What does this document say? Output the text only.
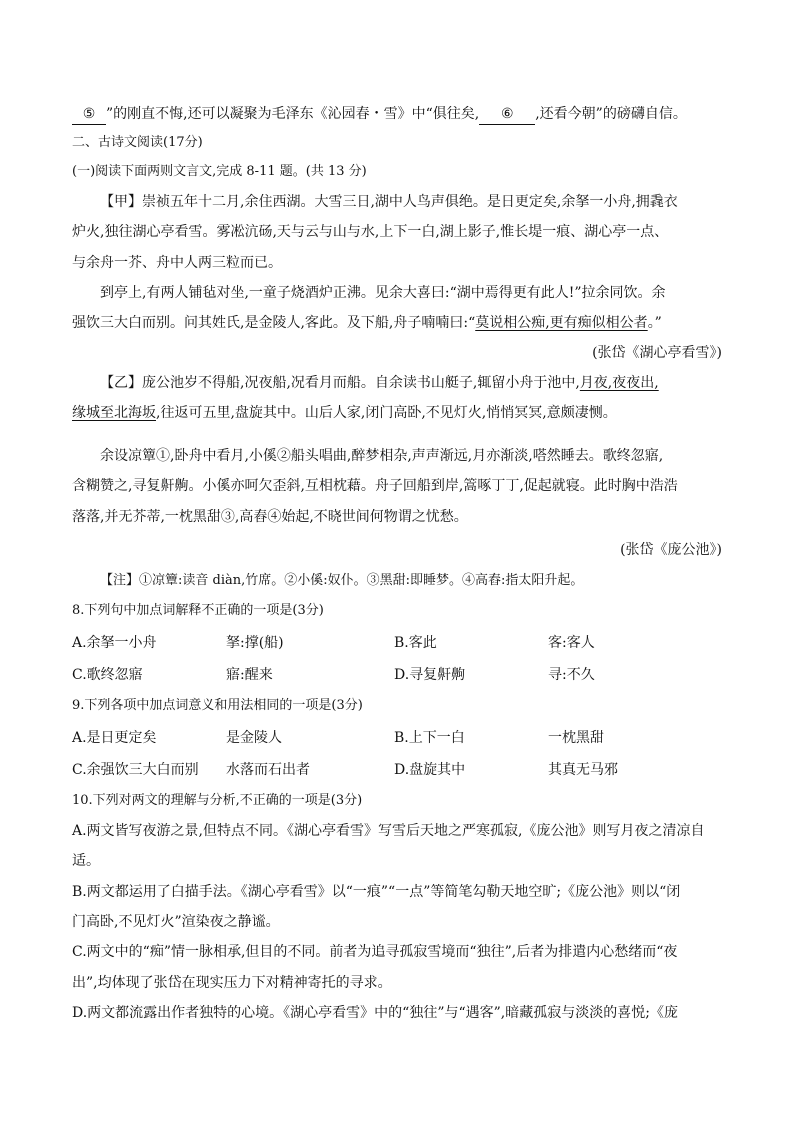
⑤ ”的刚直不悔,还可以凝聚为毛泽东《沁园春・雪》中“俱往矣, ⑥ ,还看今朝”的磅礴自信。
二、古诗文阅读(17分)
(一)阅读下面两则文言文,完成 8-11 题。(共 13 分)
【甲】崇祯五年十二月,余住西湖。大雪三日,湖中人鸟声俱绝。是日更定矣,余拏一小舟,拥毳衣
炉火,独往湖心亭看雪。雾凇沆砀,天与云与山与水,上下一白,湖上影子,惟长堤一痕、湖心亭一点、
与余舟一芥、舟中人两三粒而已。
到亭上,有两人铺毡对坐,一童子烧酒炉正沸。见余大喜曰:“湖中焉得更有此人!”拉余同饮。余
强饮三大白而别。问其姓氏,是金陵人,客此。及下船,舟子喃喃曰:“莫说相公痴,更有痴似相公者。”
(张岱《湖心亭看雪》)
【乙】庞公池岁不得船,况夜船,况看月而船。自余读书山艇子,辄留小舟于池中,月夜,夜夜出,
缘城至北海坂,往返可五里,盘旋其中。山后人家,闭门高卧,不见灯火,悄悄冥冥,意颇凄恻。
余设凉簟①,卧舟中看月,小傒②船头唱曲,醉梦相杂,声声渐远,月亦渐淡,嗒然睡去。歌终忽寤,
含糊赞之,寻复鼾齁。小傒亦呵欠歪斜,互相枕藉。舟子回船到岸,篙啄丁丁,促起就寝。此时胸中浩浩
落落,并无芥蒂,一枕黑甜③,高舂④始起,不晓世间何物谓之忧愁。
(张岱《庞公池》)
【注】①凉簟:读音 diàn,竹席。②小傒:奴仆。③黑甜:即睡梦。④高舂:指太阳升起。
8.下列句中加点词解释不正确的一项是(3分)
A.余拏一小舟	拏:撑(船)	B.客此	客:客人
C.歌终忽寤	寤:醒来	D.寻复鼾齁	寻:不久
9.下列各项中加点词意义和用法相同的一项是(3分)
A.是日更定矣	是金陵人	B.上下一白	一枕黑甜
C.余强饮三大白而别 水落而石出者	D.盘旋其中	其真无马邪
10.下列对两文的理解与分析,不正确的一项是(3分)
A.两文皆写夜游之景,但特点不同。《湖心亭看雪》写雪后天地之严寒孤寂,《庞公池》则写月夜之清凉自
适。
B.两文都运用了白描手法。《湖心亭看雪》以“一痕”“一点”等简笔勾勒天地空旷;《庞公池》则以“闭
门高卧,不见灯火”渲染夜之静谧。
C.两文中的“痴”情一脉相承,但目的不同。前者为追寻孤寂雪境而“独往”,后者为排遣内心愁绪而“夜
出”,均体现了张岱在现实压力下对精神寄托的寻求。
D.两文都流露出作者独特的心境。《湖心亭看雪》中的“独往”与“遇客”,暗藏孤寂与淡淡的喜悦;《庞
